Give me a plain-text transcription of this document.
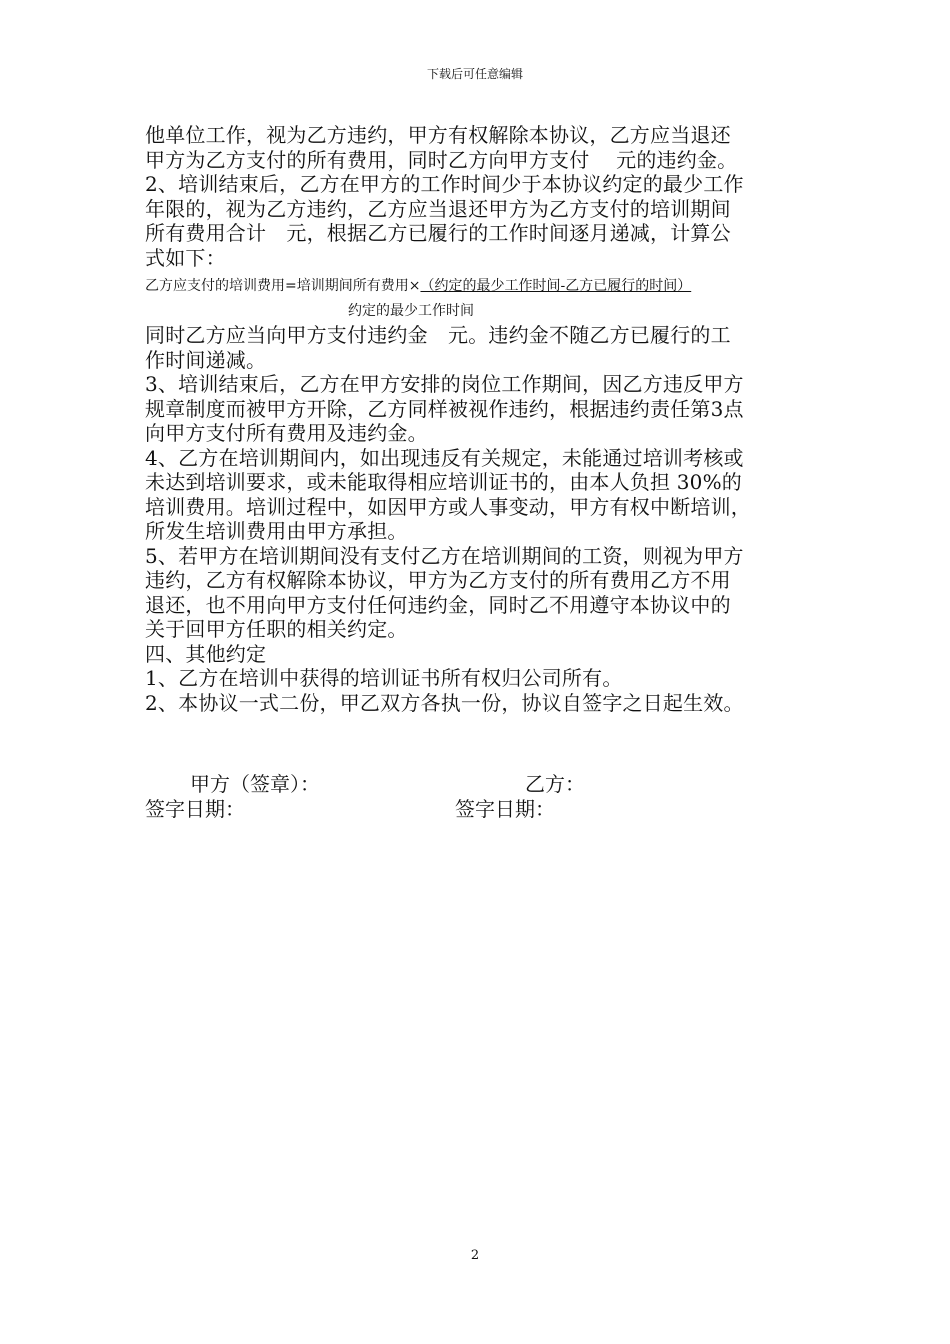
下载后可任意编辑
他单位工作，视为乙方违约，甲方有权解除本协议，乙方应当退还
甲方为乙方支付的所有费用，同时乙方向甲方支付　 元的违约金。
2、培训结束后，乙方在甲方的工作时间少于本协议约定的最少工作
年限的，视为乙方违约，乙方应当退还甲方为乙方支付的培训期间
所有费用合计　元，根据乙方已履行的工作时间逐月递减，计算公
式如下：
乙方应支付的培训费用=培训期间所有费用×（约定的最少工作时间-乙方已履行的时间）
约定的最少工作时间
同时乙方应当向甲方支付违约金　元。违约金不随乙方已履行的工
作时间递减。
3、培训结束后，乙方在甲方安排的岗位工作期间，因乙方违反甲方
规章制度而被甲方开除，乙方同样被视作违约，根据违约责任第3点
向甲方支付所有费用及违约金。
4、乙方在培训期间内，如出现违反有关规定，未能通过培训考核或
未达到培训要求，或未能取得相应培训证书的，由本人负担 30%的
培训费用。培训过程中，如因甲方或人事变动，甲方有权中断培训，
所发生培训费用由甲方承担。
5、若甲方在培训期间没有支付乙方在培训期间的工资，则视为甲方
违约，乙方有权解除本协议，甲方为乙方支付的所有费用乙方不用
退还，也不用向甲方支付任何违约金，同时乙不用遵守本协议中的
关于回甲方任职的相关约定。
四、其他约定
1、乙方在培训中获得的培训证书所有权归公司所有。
2、本协议一式二份，甲乙双方各执一份，协议自签字之日起生效。
甲方（签章）：	乙方：
签字日期：	签字日期：
2
